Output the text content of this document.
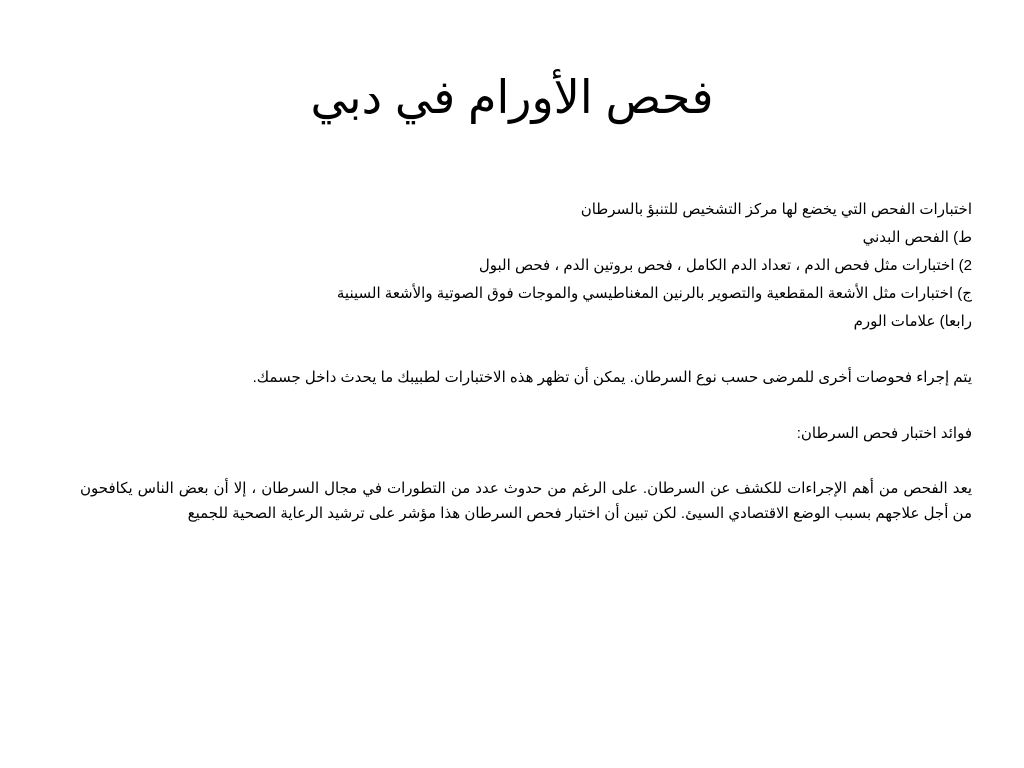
فحص الأورام في دبي

اختبارات الفحص التي يخضع لها مركز التشخيص للتنبؤ بالسرطان

ط) الفحص البدني

2) اختبارات مثل فحص الدم ، تعداد الدم الكامل ، فحص بروتين الدم ، فحص البول

ج) اختبارات مثل الأشعة المقطعية والتصوير بالرنين المغناطيسي والموجات فوق الصوتية والأشعة السينية

رابعا) علامات الورم

يتم إجراء فحوصات أخرى للمرضى حسب نوع السرطان. يمكن أن تظهر هذه الاختبارات لطبيبك ما يحدث داخل جسمك.

فوائد اختبار فحص السرطان:

يعد الفحص من أهم الإجراءات للكشف عن السرطان. على الرغم من حدوث عدد من التطورات في مجال السرطان ، إلا أن بعض الناس يكافحون من أجل علاجهم بسبب الوضع الاقتصادي السيئ. لكن تبين أن اختبار فحص السرطان هذا مؤشر على ترشيد الرعاية الصحية للجميع
